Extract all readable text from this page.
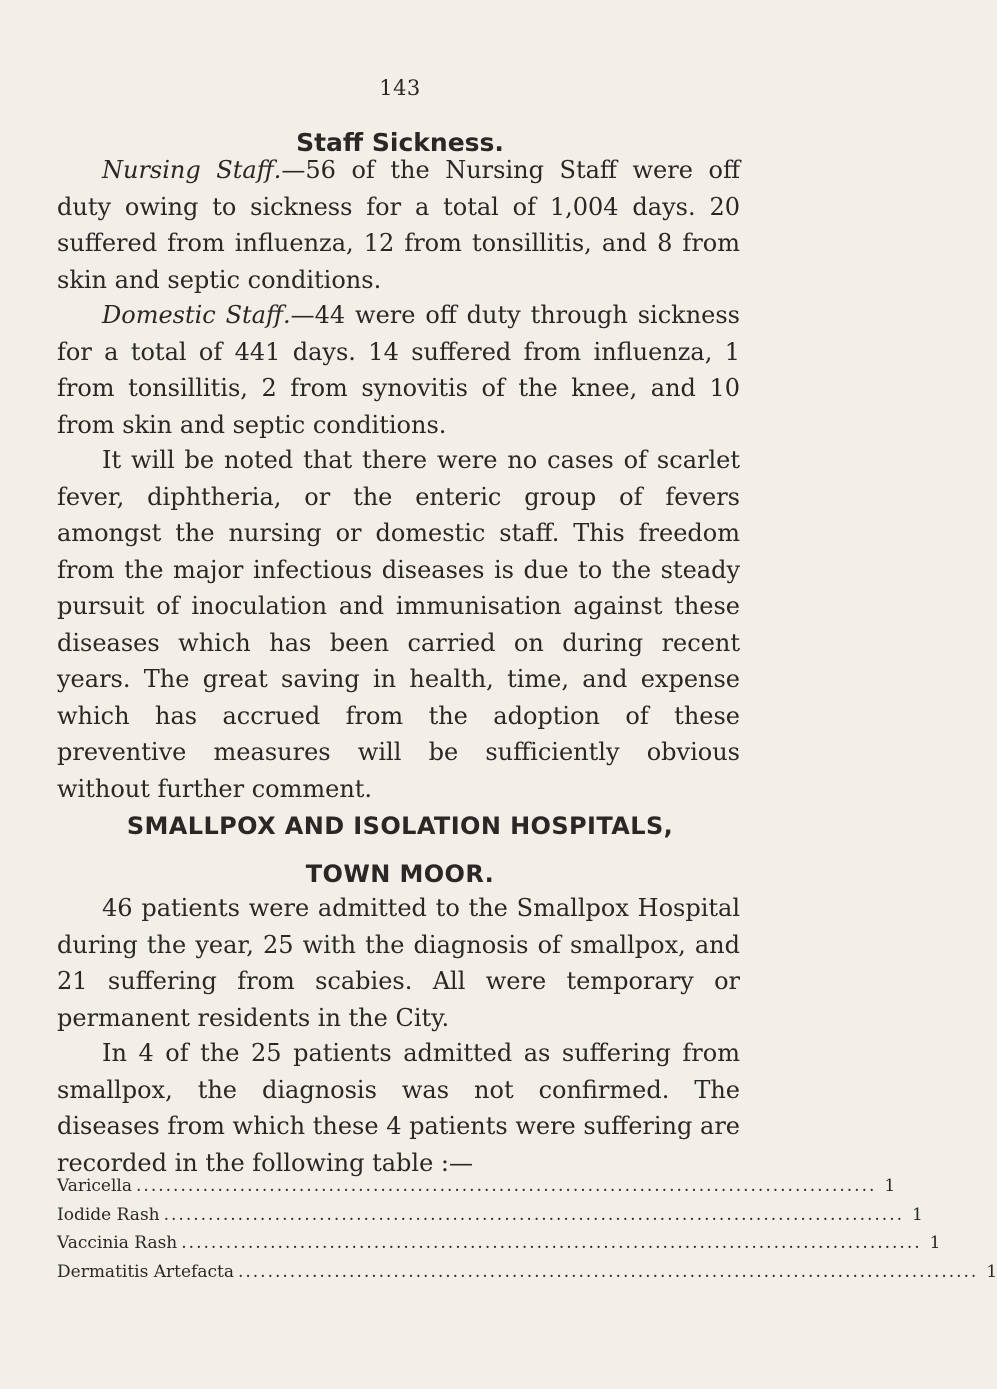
143
Staff Sickness.

Nursing Staff.—56 of the Nursing Staff were off duty owing to sickness for a total of 1,004 days. 20 suffered from influenza, 12 from tonsillitis, and 8 from skin and septic conditions.

Domestic Staff.—44 were off duty through sickness for a total of 441 days. 14 suffered from influenza, 1 from tonsillitis, 2 from synovitis of the knee, and 10 from skin and septic conditions.

It will be noted that there were no cases of scarlet fever, diphtheria, or the enteric group of fevers amongst the nursing or domestic staff. This freedom from the major infectious diseases is due to the steady pursuit of inoculation and immunisation against these diseases which has been carried on during recent years. The great saving in health, time, and expense which has accrued from the adoption of these preventive measures will be sufficiently obvious without further comment.

SMALLPOX AND ISOLATION HOSPITALS,
TOWN MOOR.

46 patients were admitted to the Smallpox Hospital during the year, 25 with the diagnosis of smallpox, and 21 suffering from scabies. All were temporary or permanent residents in the City.

In 4 of the 25 patients admitted as suffering from smallpox, the diagnosis was not confirmed. The diseases from which these 4 patients were suffering are recorded in the following table :—

Varicella .................................................................................................... 1
Iodide Rash .................................................................................................... 1
Vaccinia Rash .................................................................................................... 1
Dermatitis Artefacta .................................................................................................... 1
